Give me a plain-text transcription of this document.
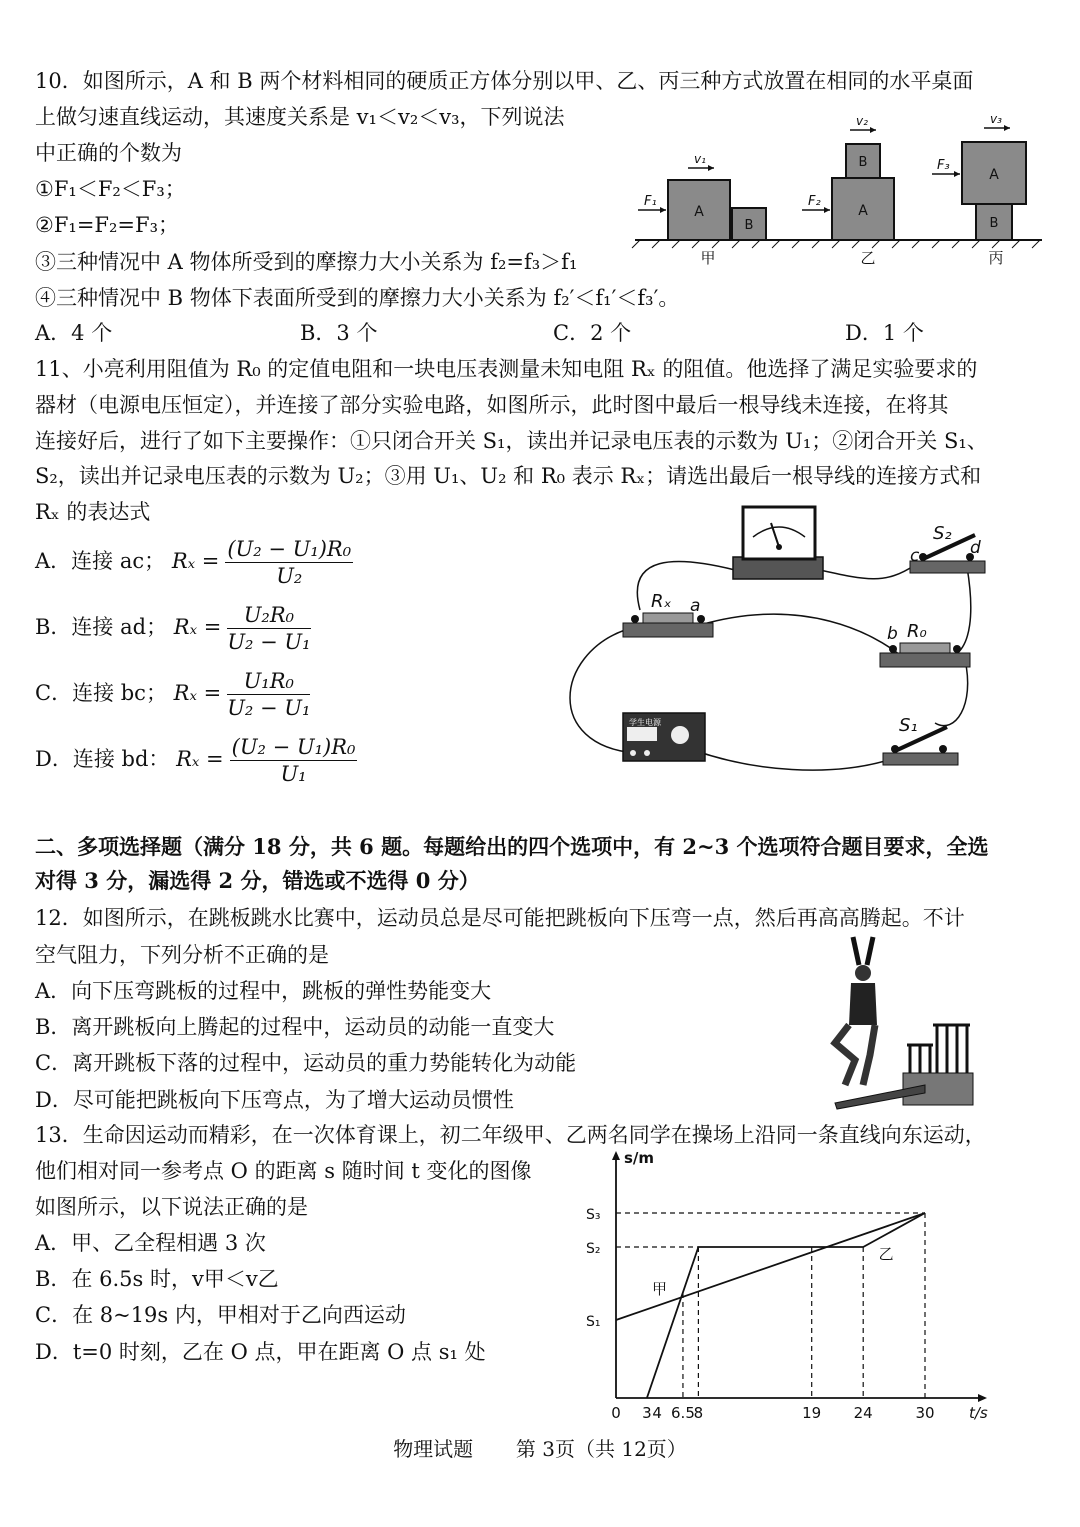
10．如图所示，A 和 B 两个材料相同的硬质正方体分别以甲、乙、丙三种方式放置在相同的水平桌面
上做匀速直线运动，其速度关系是 v₁＜v₂＜v₃，下列说法
中正确的个数为
①F₁＜F₂＜F₃；
②F₁=F₂=F₃；
③三种情况中 A 物体所受到的摩擦力大小关系为 f₂=f₃＞f₁
④三种情况中 B 物体下表面所受到的摩擦力大小关系为 f₂′＜f₁′＜f₃′。
A．4 个	B．3 个	C．2 个	D．1 个
A
B
F₁
v₁
甲
A
B
F₂
v₂
乙
A
B
F₃
v₃
丙
11、小亮利用阻值为 R₀ 的定值电阻和一块电压表测量未知电阻 Rₓ 的阻值。他选择了满足实验要求的
器材（电源电压恒定），并连接了部分实验电路，如图所示，此时图中最后一根导线未连接，在将其
连接好后，进行了如下主要操作：①只闭合开关 S₁，读出并记录电压表的示数为 U₁；②闭合开关 S₁、
S₂，读出并记录电压表的示数为 U₂；③用 U₁、U₂ 和 R₀ 表示 Rₓ；请选出最后一根导线的连接方式和
Rₓ 的表达式
A．连接 ac； $R_x = \frac{\text{(U₂ − U₁)R₀}}{\text{U₂}}$
B．连接 ad； $R_x = \frac{\text{U₂R₀}}{\text{U₂ − U₁}}$
C．连接 bc； $R_x = \frac{\text{U₁R₀}}{\text{U₂ − U₁}}$
D．连接 bd： $R_x = \frac{\text{(U₂ − U₁)R₀}}{\text{U₁}}$
S₂
c	d
Rₓ a
b R₀
学生电源	S₁
二、多项选择题（满分 18 分，共 6 题。每题给出的四个选项中，有 2~3 个选项符合题目要求，全选
对得 3 分，漏选得 2 分，错选或不选得 0 分）
12．如图所示，在跳板跳水比赛中，运动员总是尽可能把跳板向下压弯一点，然后再高高腾起。不计
空气阻力，下列分析不正确的是
A．向下压弯跳板的过程中，跳板的弹性势能变大
B．离开跳板向上腾起的过程中，运动员的动能一直变大
C．离开跳板下落的过程中，运动员的重力势能转化为动能
D．尽可能把跳板向下压弯点，为了增大运动员惯性
13．生命因运动而精彩，在一次体育课上，初二年级甲、乙两名同学在操场上沿同一条直线向东运动，
他们相对同一参考点 O 的距离 s 随时间 t 变化的图像
如图所示，以下说法正确的是
A．甲、乙全程相遇 3 次
B．在 6.5s 时，v甲＜v乙
C．在 8~19s 内，甲相对于乙向西运动
D．t=0 时刻，乙在 O 点，甲在距离 O 点 s₁ 处
s/m
t/s
0 3 4 6.5
8	19 24	30
S₁
S₂
S₃
甲
乙
物理试题 第 3页（共 12页）
